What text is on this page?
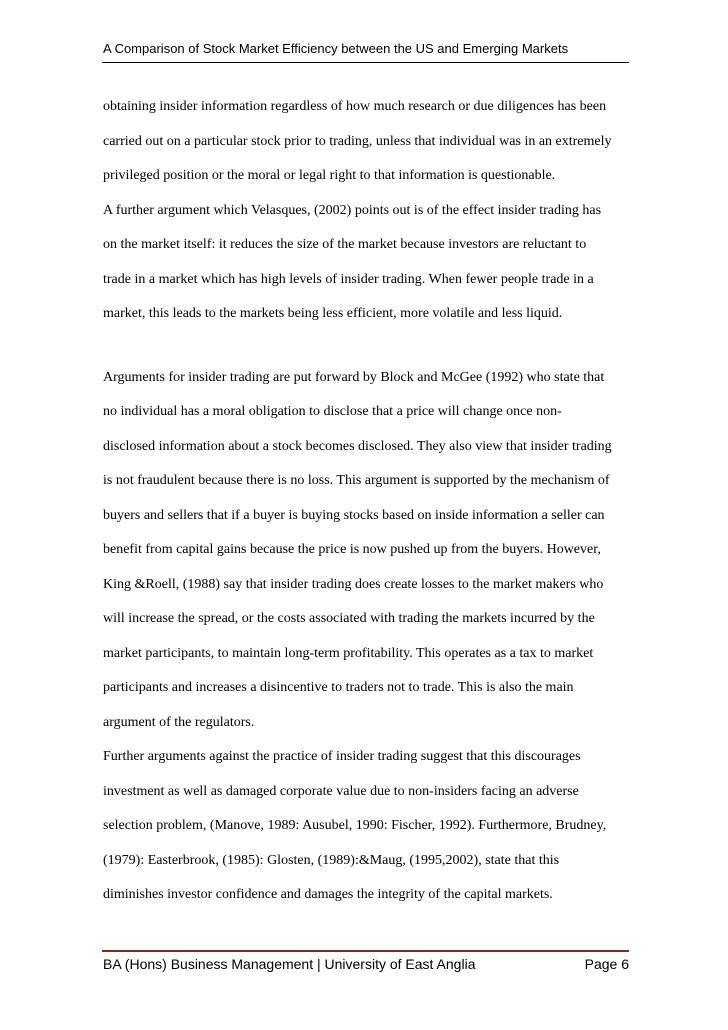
A Comparison of Stock Market Efficiency between the US and Emerging Markets
obtaining insider information regardless of how much research or due diligences has been
carried out on a particular stock prior to trading, unless that individual was in an extremely
privileged position or the moral or legal right to that information is questionable.
A further argument which Velasques, (2002) points out is of the effect insider trading has
on the market itself: it reduces the size of the market because investors are reluctant to
trade in a market which has high levels of insider trading. When fewer people trade in a
market, this leads to the markets being less efficient, more volatile and less liquid.
Arguments for insider trading are put forward by Block and McGee (1992) who state that
no individual has a moral obligation to disclose that a price will change once non-
disclosed information about a stock becomes disclosed. They also view that insider trading
is not fraudulent because there is no loss. This argument is supported by the mechanism of
buyers and sellers that if a buyer is buying stocks based on inside information a seller can
benefit from capital gains because the price is now pushed up from the buyers. However,
King &Roell, (1988) say that insider trading does create losses to the market makers who
will increase the spread, or the costs associated with trading the markets incurred by the
market participants, to maintain long-term profitability. This operates as a tax to market
participants and increases a disincentive to traders not to trade. This is also the main
argument of the regulators.
Further arguments against the practice of insider trading suggest that this discourages
investment as well as damaged corporate value due to non-insiders facing an adverse
selection problem, (Manove, 1989: Ausubel, 1990: Fischer, 1992). Furthermore, Brudney,
(1979): Easterbrook, (1985): Glosten, (1989):&Maug, (1995,2002), state that this
diminishes investor confidence and damages the integrity of the capital markets.
BA (Hons) Business Management | University of East Anglia	Page 6
